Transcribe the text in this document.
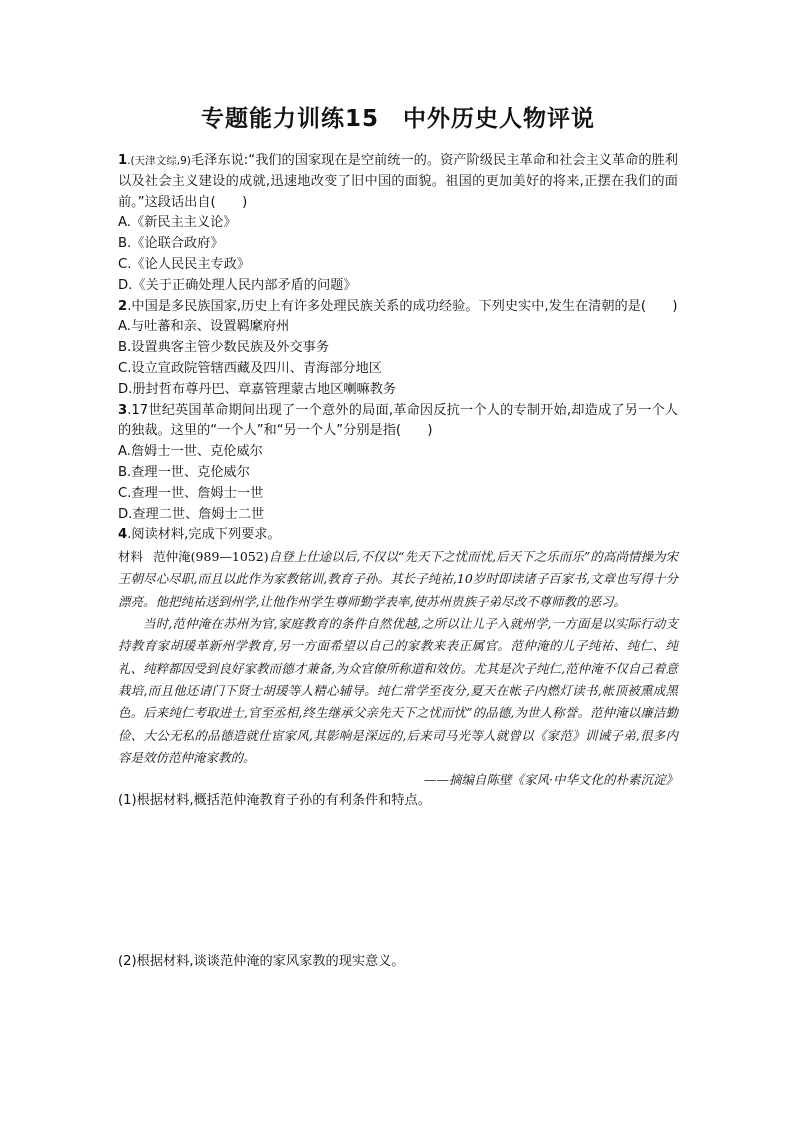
专题能力训练15　中外历史人物评说

1.(天津文综,9)毛泽东说:“我们的国家现在是空前统一的。资产阶级民主革命和社会主义革命的胜利以及社会主义建设的成就,迅速地改变了旧中国的面貌。祖国的更加美好的将来,正摆在我们的面前。”这段话出自(　　)

A.《新民主主义论》

B.《论联合政府》

C.《论人民民主专政》

D.《关于正确处理人民内部矛盾的问题》

2.中国是多民族国家,历史上有许多处理民族关系的成功经验。下列史实中,发生在清朝的是(　　)

A.与吐蕃和亲、设置羁縻府州

B.设置典客主管少数民族及外交事务

C.设立宣政院管辖西藏及四川、青海部分地区

D.册封哲布尊丹巴、章嘉管理蒙古地区喇嘛教务

3.17世纪英国革命期间出现了一个意外的局面,革命因反抗一个人的专制开始,却造成了另一个人的独裁。这里的“一个人”和“另一个人”分别是指(　　)

A.詹姆士一世、克伦威尔

B.查理一世、克伦威尔

C.查理一世、詹姆士一世

D.查理二世、詹姆士二世

4.阅读材料,完成下列要求。

材料 范仲淹(989—1052)自登上仕途以后,不仅以“先天下之忧而忧,后天下之乐而乐”的高尚情操为宋王朝尽心尽职,而且以此作为家教铭训,教育子孙。其长子纯祐,10岁时即读诸子百家书,文章也写得十分漂亮。他把纯祐送到州学,让他作州学生尊师勤学表率,使苏州贵族子弟尽改不尊师教的恶习。

当时,范仲淹在苏州为官,家庭教育的条件自然优越,之所以让儿子入就州学,一方面是以实际行动支持教育家胡瑗革新州学教育,另一方面希望以自己的家教来表正属官。范仲淹的儿子纯祐、纯仁、纯礼、纯粹都因受到良好家教而德才兼备,为众官僚所称道和效仿。尤其是次子纯仁,范仲淹不仅自己着意栽培,而且他还请门下贤士胡瑗等人精心辅导。纯仁常学至夜分,夏天在帐子内燃灯读书,帐顶被熏成黑色。后来纯仁考取进士,官至丞相,终生继承父亲先天下之忧而忧”的品德,为世人称誉。范仲淹以廉洁勤俭、大公无私的品德造就仕宦家风,其影响是深远的,后来司马光等人就曾以《家范》训诫子弟,很多内容是效仿范仲淹家教的。

——摘编自陈壁《家风·中华文化的朴素沉淀》

(1)根据材料,概括范仲淹教育子孙的有利条件和特点。

(2)根据材料,谈谈范仲淹的家风家教的现实意义。
